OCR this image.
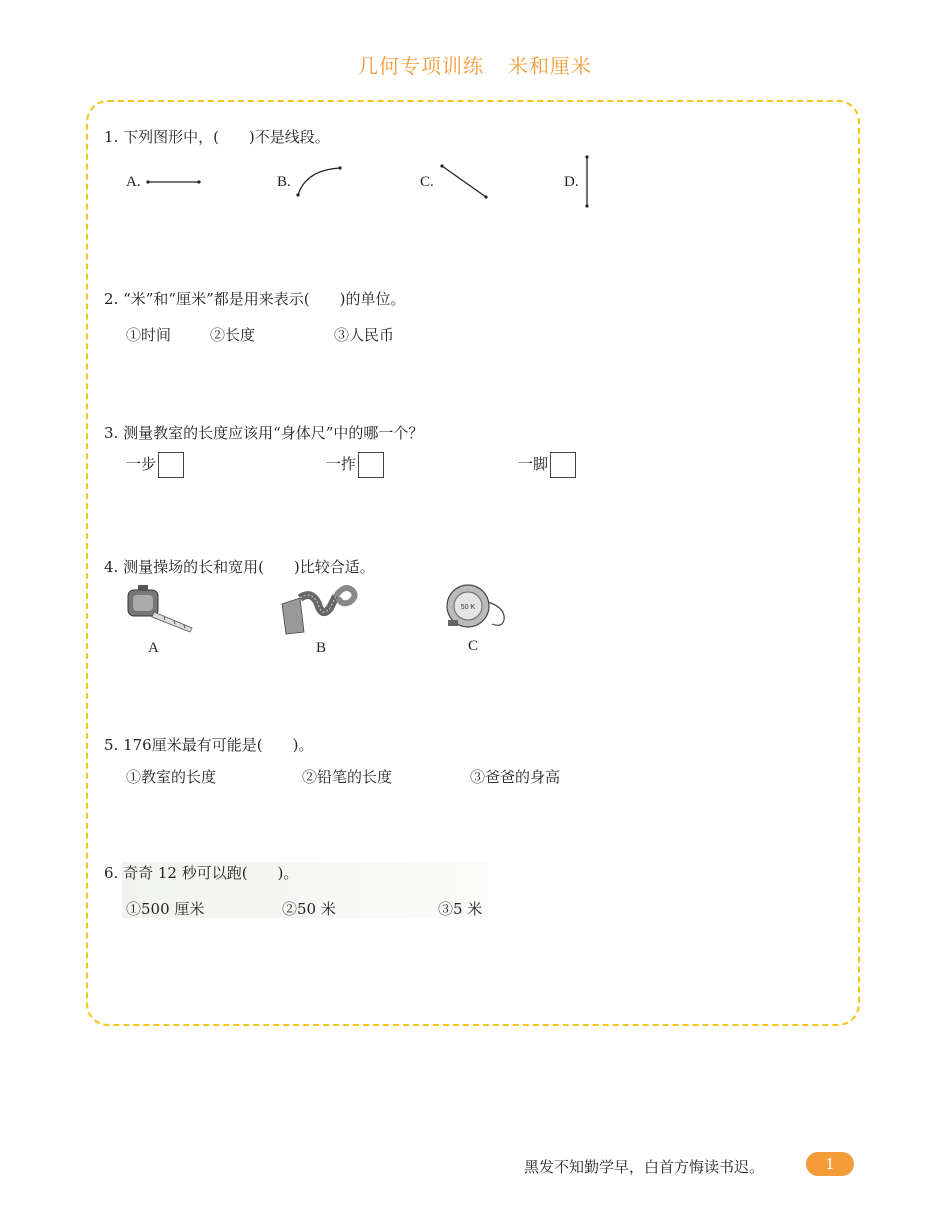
几何专项训练 米和厘米
1. 下列图形中，(　　)不是线段。
A.	B.	C.	D.
2. “米”和“厘米”都是用来表示(　　)的单位。
①时间	②长度	③人民币
3. 测量教室的长度应该用“身体尺”中的哪一个？
一步	一拃	一脚
4. 测量操场的长和宽用(　　)比较合适。
A	B
50 K
C
5. 176厘米最有可能是(　　)。
①教室的长度	②铅笔的长度	③爸爸的身高
6. 奇奇 12 秒可以跑(　　)。
①500 厘米	②50 米	③5 米
黑发不知勤学早，白首方悔读书迟。	1
